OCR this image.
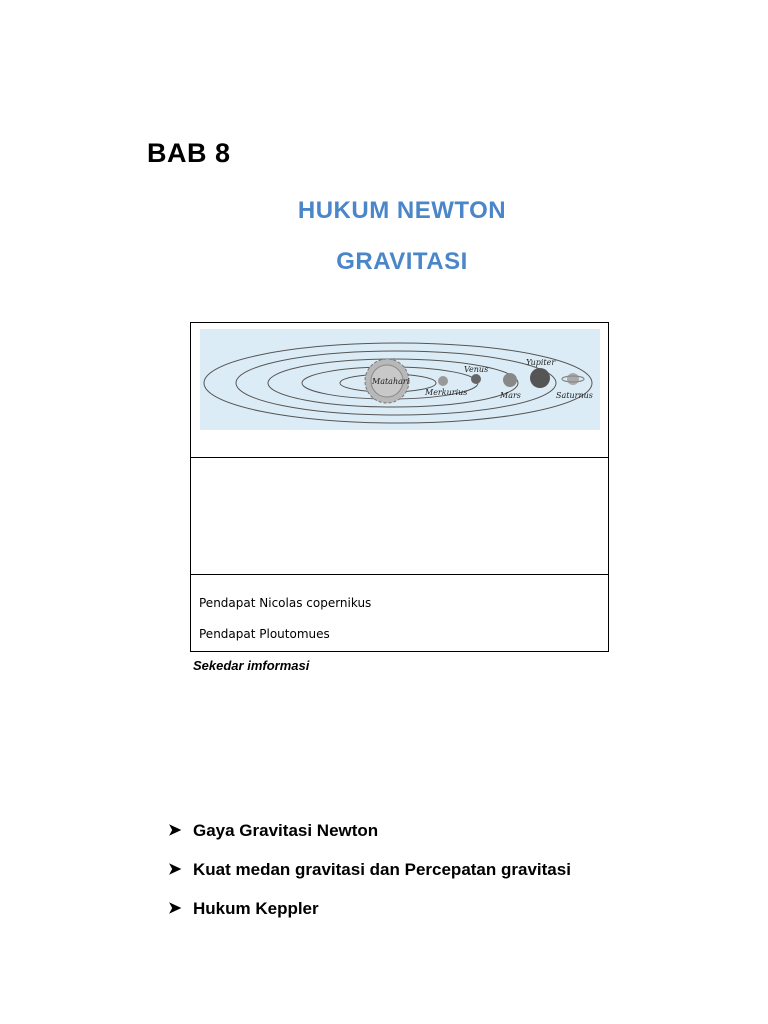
BAB 8
HUKUM NEWTON
GRAVITASI
Matahari
Merkurius
Venus
Mars
Yupiter
Saturnus
Pendapat Nicolas copernikus
Pendapat Ploutomues
Sekedar imformasi
➤ Gaya Gravitasi Newton
➤ Kuat medan gravitasi dan Percepatan gravitasi
➤ Hukum Keppler
